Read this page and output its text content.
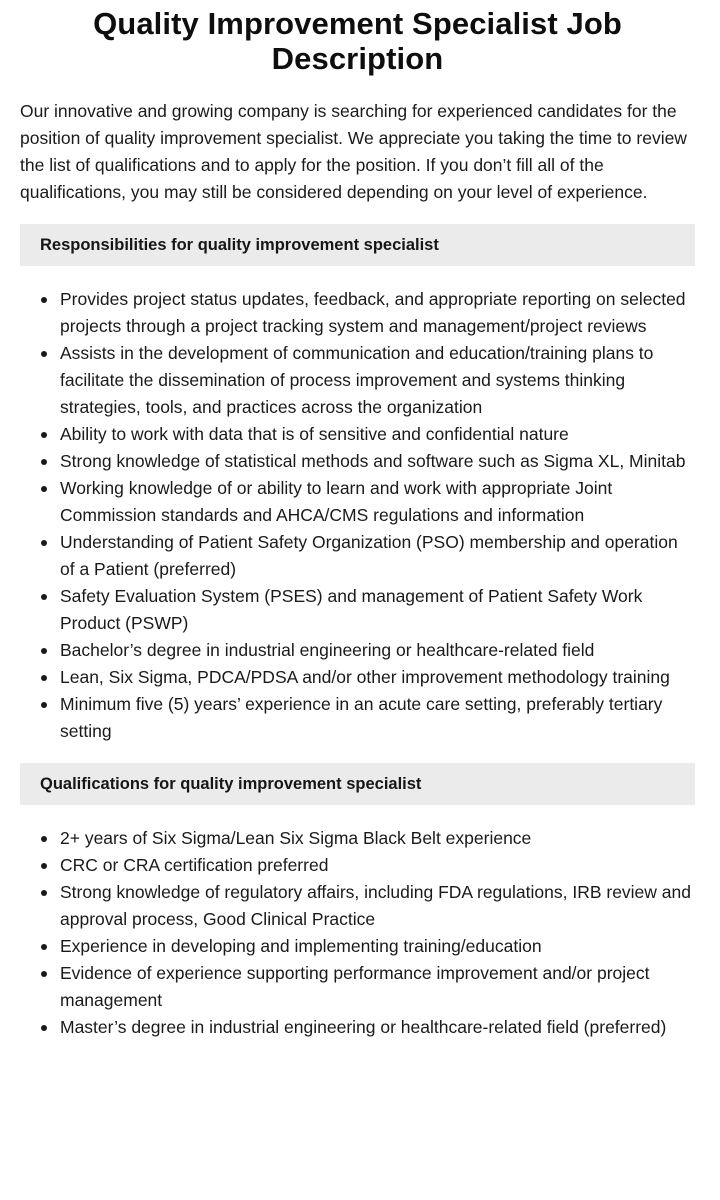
Quality Improvement Specialist Job Description

Our innovative and growing company is searching for experienced candidates for the position of quality improvement specialist. We appreciate you taking the time to review the list of qualifications and to apply for the position. If you don’t fill all of the qualifications, you may still be considered depending on your level of experience.

Responsibilities for quality improvement specialist
Provides project status updates, feedback, and appropriate reporting on selected projects through a project tracking system and management/project reviews
Assists in the development of communication and education/training plans to facilitate the dissemination of process improvement and systems thinking strategies, tools, and practices across the organization
Ability to work with data that is of sensitive and confidential nature
Strong knowledge of statistical methods and software such as Sigma XL, Minitab
Working knowledge of or ability to learn and work with appropriate Joint Commission standards and AHCA/CMS regulations and information
Understanding of Patient Safety Organization (PSO) membership and operation of a Patient (preferred)
Safety Evaluation System (PSES) and management of Patient Safety Work Product (PSWP)
Bachelor’s degree in industrial engineering or healthcare-related field
Lean, Six Sigma, PDCA/PDSA and/or other improvement methodology training
Minimum five (5) years’ experience in an acute care setting, preferably tertiary setting
Qualifications for quality improvement specialist
2+ years of Six Sigma/Lean Six Sigma Black Belt experience
CRC or CRA certification preferred
Strong knowledge of regulatory affairs, including FDA regulations, IRB review and approval process, Good Clinical Practice
Experience in developing and implementing training/education
Evidence of experience supporting performance improvement and/or project management
Master’s degree in industrial engineering or healthcare-related field (preferred)
